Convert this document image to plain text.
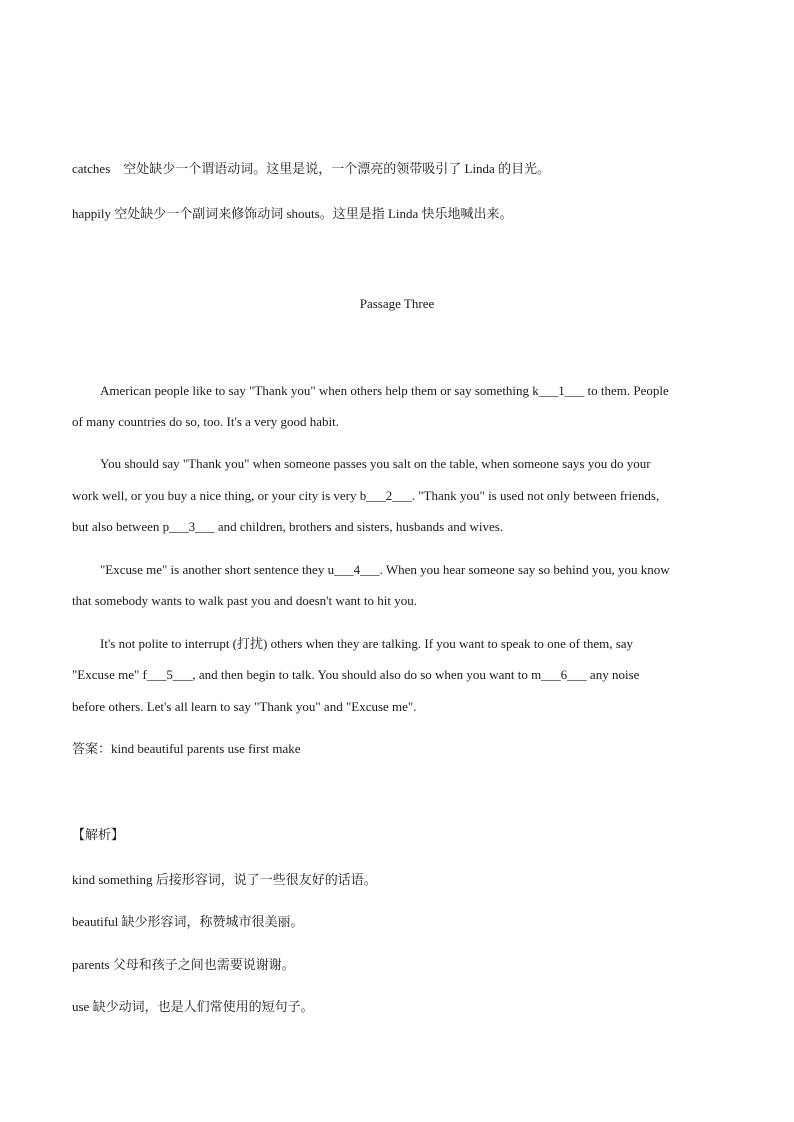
catches　空处缺少一个谓语动词。这里是说，一个漂亮的领带吸引了 Linda 的目光。
happily 空处缺少一个副词来修饰动词 shouts。这里是指 Linda 快乐地喊出来。
Passage Three
American people like to say "Thank you" when others help them or say something k___1___ to them. People
of many countries do so, too. It's a very good habit.
You should say "Thank you" when someone passes you salt on the table, when someone says you do your
work well, or you buy a nice thing, or your city is very b___2___. "Thank you" is used not only between friends,
but also between p___3___ and children, brothers and sisters, husbands and wives.
"Excuse me" is another short sentence they u___4___. When you hear someone say so behind you, you know
that somebody wants to walk past you and doesn't want to hit you.
It's not polite to interrupt (打扰) others when they are talking. If you want to speak to one of them, say
"Excuse me" f___5___, and then begin to talk. You should also do so when you want to m___6___ any noise
before others. Let's all learn to say "Thank you" and "Excuse me".
答案：kind beautiful parents use first make
【解析】
kind something 后接形容词，说了一些很友好的话语。
beautiful 缺少形容词，称赞城市很美丽。
parents 父母和孩子之间也需要说谢谢。
use 缺少动词，也是人们常使用的短句子。
